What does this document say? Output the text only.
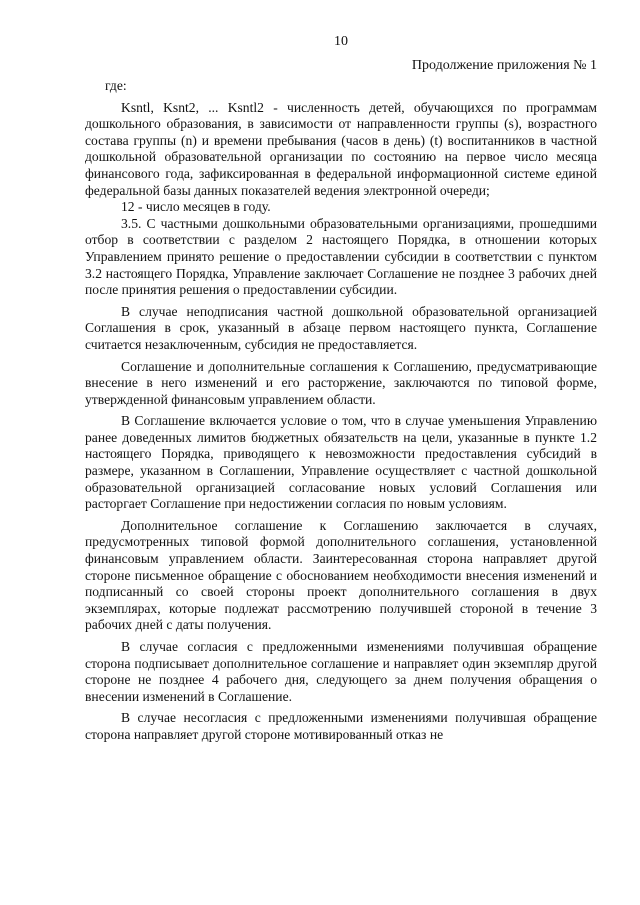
10
Продолжение приложения № 1

где:

Ksntl, Ksnt2, ... Ksntl2 - численность детей, обучающихся по программам дошкольного образования, в зависимости от направленности группы (s), возрастного состава группы (n) и времени пребывания (часов в день) (t) воспитанников в частной дошкольной образовательной организации по состоянию на первое число месяца финансового года, зафиксированная в федеральной информационной системе единой федеральной базы данных показателей ведения электронной очереди;

12 - число месяцев в году.

3.5. С частными дошкольными образовательными организациями, прошедшими отбор в соответствии с разделом 2 настоящего Порядка, в отношении которых Управлением принято решение о предоставлении субсидии в соответствии с пунктом 3.2 настоящего Порядка, Управление заключает Соглашение не позднее 3 рабочих дней после принятия решения о предоставлении субсидии.

В случае неподписания частной дошкольной образовательной организацией Соглашения в срок, указанный в абзаце первом настоящего пункта, Соглашение считается незаключенным, субсидия не предоставляется.

Соглашение и дополнительные соглашения к Соглашению, предусматривающие внесение в него изменений и его расторжение, заключаются по типовой форме, утвержденной финансовым управлением области.

В Соглашение включается условие о том, что в случае уменьшения Управлению ранее доведенных лимитов бюджетных обязательств на цели, указанные в пункте 1.2 настоящего Порядка, приводящего к невозможности предоставления субсидий в размере, указанном в Соглашении, Управление осуществляет с частной дошкольной образовательной организацией согласование новых условий Соглашения или расторгает Соглашение при недостижении согласия по новым условиям.

Дополнительное соглашение к Соглашению заключается в случаях, предусмотренных типовой формой дополнительного соглашения, установленной финансовым управлением области. Заинтересованная сторона направляет другой стороне письменное обращение с обоснованием необходимости внесения изменений и подписанный со своей стороны проект дополнительного соглашения в двух экземплярах, которые подлежат рассмотрению получившей стороной в течение 3 рабочих дней с даты получения.

В случае согласия с предложенными изменениями получившая обращение сторона подписывает дополнительное соглашение и направляет один экземпляр другой стороне не позднее 4 рабочего дня, следующего за днем получения обращения о внесении изменений в Соглашение.

В случае несогласия с предложенными изменениями получившая обращение сторона направляет другой стороне мотивированный отказ не
